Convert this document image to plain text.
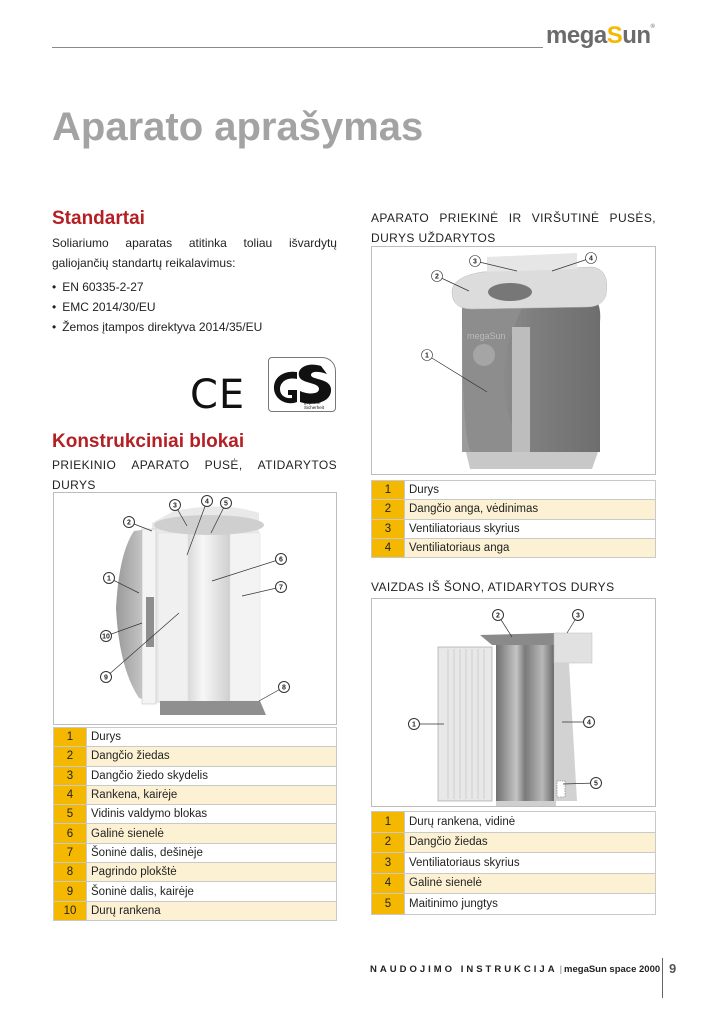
megaSun®
Aparato aprašymas
Standartai
Soliariumo aparatas atitinka toliau išvardytų
galiojančių standartų reikalavimus:
• EN 60335-2-27
• EMC 2014/30/EU
• Žemos įtampos direktyva 2014/35/EU
CE	geprüfte
Sicherheit
Konstrukciniai blokai
PRIEKINIO APARATO PUSĖ, ATIDARYTOS
DURYS
1
2
3
4 5
6
7
8
9
10
1	Durys
2	Dangčio žiedas
3	Dangčio žiedo skydelis
4	Rankena, kairėje
5	Vidinis valdymo blokas
6	Galinė sienelė
7	Šoninė dalis, dešinėje
8	Pagrindo plokštė
9	Šoninė dalis, kairėje
10	Durų rankena
APARATO PRIEKINĖ IR VIRŠUTINĖ PUSĖS,
DURYS UŽDARYTOS
megaSun
1
2
3	4
1	Durys
2	Dangčio anga, vėdinimas
3	Ventiliatoriaus skyrius
4	Ventiliatoriaus anga
VAIZDAS IŠ ŠONO, ATIDARYTOS DURYS
1
2	3
4
5
1	Durų rankena, vidinė
2	Dangčio žiedas
3	Ventiliatoriaus skyrius
4	Galinė sienelė
5	Maitinimo jungtys
NAUDOJIMO INSTRUKCIJA | megaSun space 2000 9
